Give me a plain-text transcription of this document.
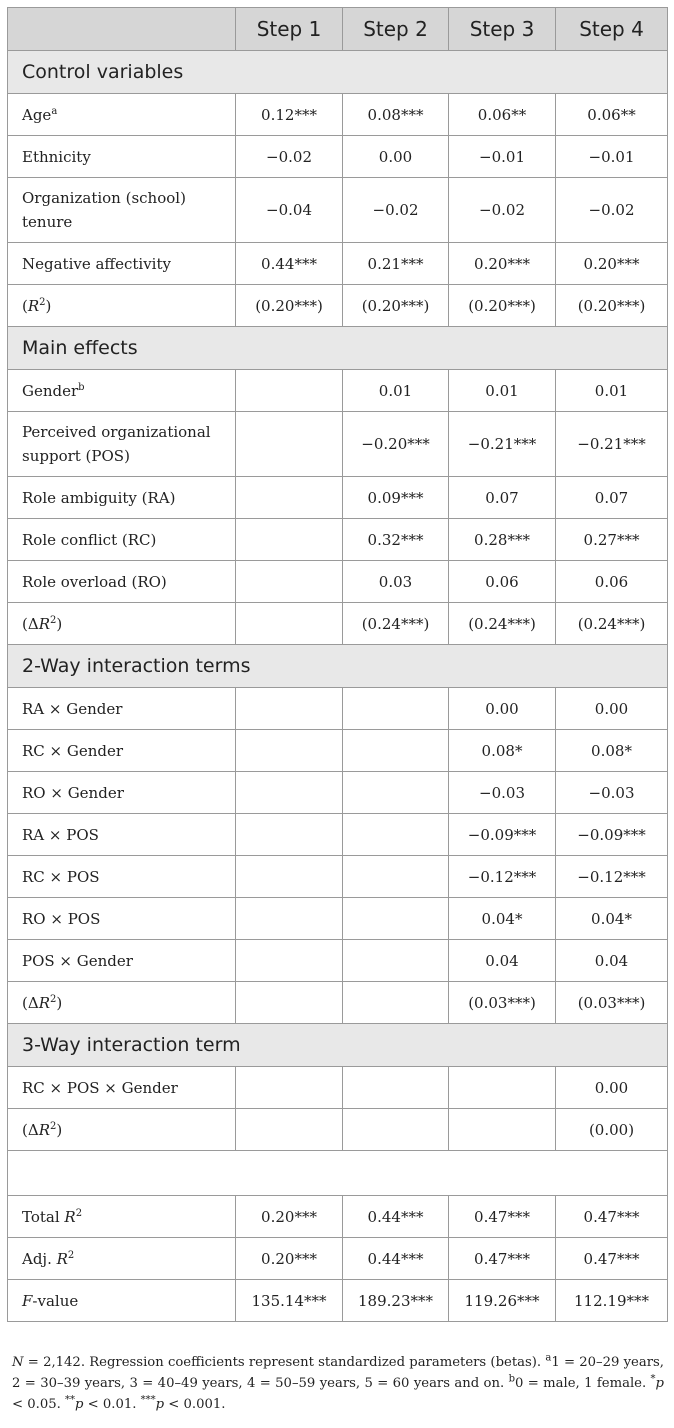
	Step 1	Step 2	Step 3	Step 4
Control variables				
Age$^a$	0.12***	0.08***	0.06**	0.06**
Ethnicity	−0.02	0.00	−0.01	−0.01
Organization (school) tenure	−0.04	−0.02	−0.02	−0.02
Negative affectivity	0.44***	0.21***	0.20***	0.20***
$(R^2)$	(0.20***)	(0.20***)	(0.20***)	(0.20***)
Main effects				
Gender$^b$		0.01	0.01	0.01
Perceived organizational support (POS)		−0.20***	−0.21***	−0.21***
Role ambiguity (RA)		0.09***	0.07	0.07
Role conflict (RC)		0.32***	0.28***	0.27***
Role overload (RO)		0.03	0.06	0.06
$(\Delta R^2)$		(0.24***)	(0.24***)	(0.24***)
2-Way interaction terms				
RA × Gender			0.00	0.00
RC × Gender			0.08*	0.08*
RO × Gender			−0.03	−0.03
RA × POS			−0.09***	−0.09***
RC × POS			−0.12***	−0.12***
RO × POS			0.04*	0.04*
POS × Gender			0.04	0.04
$(\Delta R^2)$			(0.03***)	(0.03***)
3-Way interaction term				
RC × POS × Gender				0.00
$(\Delta R^2)$				(0.00)

Total $R^2$	0.20***	0.44***	0.47***	0.47***
Adj. $R^2$	0.20***	0.44***	0.47***	0.47***
F-value	135.14***	189.23***	119.26***	112.19***
N = 2,142. Regression coefficients represent standardized parameters (betas). $^a$1 = 20–29 years, 2 = 30–39 years, 3 = 40–49 years, 4 = 50–59 years, 5 = 60 years and on. $^b$0 = male, 1 female. *p < 0.05. **p < 0.01. ***p < 0.001.
